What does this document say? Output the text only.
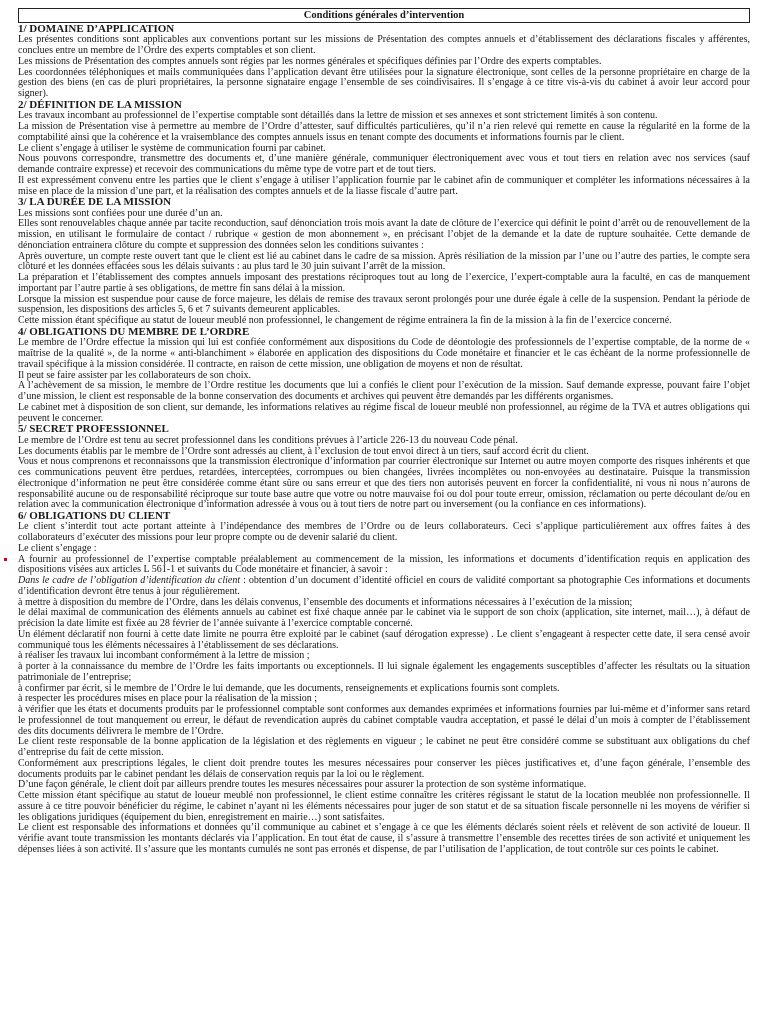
Conditions générales d’intervention
1/ DOMAINE D’APPLICATION
Les présentes conditions sont applicables aux conventions portant sur les missions de Présentation des comptes annuels et d’établissement des déclarations fiscales y afférentes, conclues entre un membre de l’Ordre des experts comptables et son client.
Les missions de Présentation des comptes annuels sont régies par les normes générales et spécifiques définies par l’Ordre des experts comptables.
Les coordonnées téléphoniques et mails communiquées dans l’application devant être utilisées pour la signature électronique, sont celles de la personne propriétaire en charge de la gestion des biens (en cas de pluri propriétaires, la personne signataire engage l’ensemble de ses coindivisaires. Il s’engage à ce titre vis-à-vis du cabinet à avoir leur accord pour signer).
2/ DÉFINITION DE LA MISSION
Les travaux incombant au professionnel de l’expertise comptable sont détaillés dans la lettre de mission et ses annexes et sont strictement limités à son contenu.
La mission de Présentation vise à permettre au membre de l’Ordre d’attester, sauf difficultés particulières, qu’il n’a rien relevé qui remette en cause la régularité en la forme de la comptabilité ainsi que la cohérence et la vraisemblance des comptes annuels issus en tenant compte des documents et informations fournis par le client.
Le client s’engage à utiliser le système de communication fourni par cabinet.
Nous pouvons correspondre, transmettre des documents et, d’une manière générale, communiquer électroniquement avec vous et tout tiers en relation avec nos services (sauf demande contraire expresse) et recevoir des communications du même type de votre part et de tout tiers.
Il est expressément convenu entre les parties que le client s’engage à utiliser l’application fournie par le cabinet afin de communiquer et compléter les informations nécessaires à la mise en place de la mission d’une part, et la réalisation des comptes annuels et de la liasse fiscale d’autre part.
3/ LA DURÉE DE LA MISSION
Les missions sont confiées pour une durée d’un an.
Elles sont renouvelables chaque année par tacite reconduction, sauf dénonciation trois mois avant la date de clôture de l’exercice qui définit le point d’arrêt ou de renouvellement de la mission, en utilisant le formulaire de contact / rubrique « gestion de mon abonnement », en précisant l’objet de la demande et la date de rupture souhaitée. Cette demande de dénonciation entrainera clôture du compte et suppression des données selon les conditions suivantes :
Après ouverture, un compte reste ouvert tant que le client est lié au cabinet dans le cadre de sa mission. Après résiliation de la mission par l’une ou l’autre des parties, le compte sera clôturé et les données effacées sous les délais suivants : au plus tard le 30 juin suivant l’arrêt de la mission.
La préparation et l’établissement des comptes annuels imposant des prestations réciproques tout au long de l’exercice, l’expert-comptable aura la faculté, en cas de manquement important par l’autre partie à ses obligations, de mettre fin sans délai à la mission.
Lorsque la mission est suspendue pour cause de force majeure, les délais de remise des travaux seront prolongés pour une durée égale à celle de la suspension. Pendant la période de suspension, les dispositions des articles 5, 6 et 7 suivants demeurent applicables.
Cette mission étant spécifique au statut de loueur meublé non professionnel, le changement de régime entrainera la fin de la mission à la fin de l’exercice concerné.
4/ OBLIGATIONS DU MEMBRE DE L’ORDRE
Le membre de l’Ordre effectue la mission qui lui est confiée conformément aux dispositions du Code de déontologie des professionnels de l’expertise comptable, de la norme de « maîtrise de la qualité », de la norme « anti-blanchiment » élaborée en application des dispositions du Code monétaire et financier et le cas échéant de la norme professionnelle de travail spécifique à la mission considérée. Il contracte, en raison de cette mission, une obligation de moyens et non de résultat.
Il peut se faire assister par les collaborateurs de son choix.
A l’achèvement de sa mission, le membre de l’Ordre restitue les documents que lui a confiés le client pour l’exécution de la mission. Sauf demande expresse, pouvant faire l’objet d’une mission, le client est responsable de la bonne conservation des documents et archives qui peuvent être demandés par les différents organismes.
Le cabinet met à disposition de son client, sur demande, les informations relatives au régime fiscal de loueur meublé non professionnel, au régime de la TVA et autres obligations qui peuvent le concerner.
5/ SECRET PROFESSIONNEL
Le membre de l’Ordre est tenu au secret professionnel dans les conditions prévues à l’article 226-13 du nouveau Code pénal.
Les documents établis par le membre de l’Ordre sont adressés au client, à l’exclusion de tout envoi direct à un tiers, sauf accord écrit du client.
Vous et nous comprenons et reconnaissons que la transmission électronique d’information par courrier électronique sur Internet ou autre moyen comporte des risques inhérents et que ces communications peuvent être perdues, retardées, interceptées, corrompues ou bien changées, livrées incomplètes ou non-envoyées au destinataire. Puisque la transmission électronique d’information ne peut être considérée comme étant sûre ou sans erreur et que des tiers non autorisés peuvent en forcer la confidentialité, ni vous ni nous n’aurons de responsabilité aucune ou de responsabilité réciproque sur toute base autre que votre ou notre mauvaise foi ou dol pour toute erreur, omission, réclamation ou perte découlant de/ou en relation avec la communication électronique d’information adressée à vous ou à tout tiers de notre part ou inversement (ou la confiance en ces informations).
6/ OBLIGATIONS DU CLIENT
Le client s’interdit tout acte portant atteinte à l’indépendance des membres de l’Ordre ou de leurs collaborateurs. Ceci s’applique particulièrement aux offres faites à des collaborateurs d’exécuter des missions pour leur propre compte ou de devenir salarié du client.
Le client s’engage :
A fournir au professionnel de l’expertise comptable préalablement au commencement de la mission, les informations et documents d’identification requis en application des dispositions visées aux articles L 561-1 et suivants du Code monétaire et financier, à savoir :
Dans le cadre de l’obligation d’identification du client : obtention d’un document d’identité officiel en cours de validité comportant sa photographie Ces informations et documents d’identification devront être tenus à jour régulièrement.
à mettre à disposition du membre de l’Ordre, dans les délais convenus, l’ensemble des documents et informations nécessaires à l’exécution de la mission;
le délai maximal de communication des éléments annuels au cabinet est fixé chaque année par le cabinet via le support de son choix (application, site internet, mail…), à défaut de précision la date limite est fixée au 28 février de l’année suivante à l’exercice comptable concerné.
Un élément déclaratif non fourni à cette date limite ne pourra être exploité par le cabinet (sauf dérogation expresse) . Le client s’engageant à respecter cette date, il sera censé avoir communiqué tous les éléments nécessaires à l’établissement de ses déclarations.
à réaliser les travaux lui incombant conformément à la lettre de mission ;
à porter à la connaissance du membre de l’Ordre les faits importants ou exceptionnels. Il lui signale également les engagements susceptibles d’affecter les résultats ou la situation patrimoniale de l’entreprise;
à confirmer par écrit, si le membre de l’Ordre le lui demande, que les documents, renseignements et explications fournis sont complets.
à respecter les procédures mises en place pour la réalisation de la mission ;
à vérifier que les états et documents produits par le professionnel comptable sont conformes aux demandes exprimées et informations fournies par lui-même et d’informer sans retard le professionnel de tout manquement ou erreur, le défaut de revendication auprès du cabinet comptable vaudra acceptation, et passé le délai d’un mois à compter de l’établissement des dits documents délivrera le membre de l’Ordre.
Le client reste responsable de la bonne application de la législation et des règlements en vigueur ; le cabinet ne peut être considéré comme se substituant aux obligations du chef d’entreprise du fait de cette mission.
Conformément aux prescriptions légales, le client doit prendre toutes les mesures nécessaires pour conserver les pièces justificatives et, d’une façon générale, l’ensemble des documents produits par le cabinet pendant les délais de conservation requis par la loi ou le règlement.
D’une façon générale, le client doit par ailleurs prendre toutes les mesures nécessaires pour assurer la protection de son système informatique.
Cette mission étant spécifique au statut de loueur meublé non professionnel, le client estime connaître les critères régissant le statut de la location meublée non professionnelle. Il assure à ce titre pouvoir bénéficier du régime, le cabinet n’ayant ni les éléments nécessaires pour juger de son statut et de sa situation fiscale personnelle ni les moyens de vérifier si les obligations juridiques (équipement du bien, enregistrement en mairie…) sont satisfaites.
Le client est responsable des informations et données qu’il communique au cabinet et s’engage à ce que les éléments déclarés soient réels et relèvent de son activité de loueur. Il vérifie avant toute transmission les montants déclarés via l’application. En tout état de cause, il s’assure à transmettre l’ensemble des recettes tirées de son activité et uniquement les dépenses liées à son activité. Il s’assure que les montants cumulés ne sont pas erronés et dispense, de par l’utilisation de l’application, de tout contrôle sur ces points le cabinet.
